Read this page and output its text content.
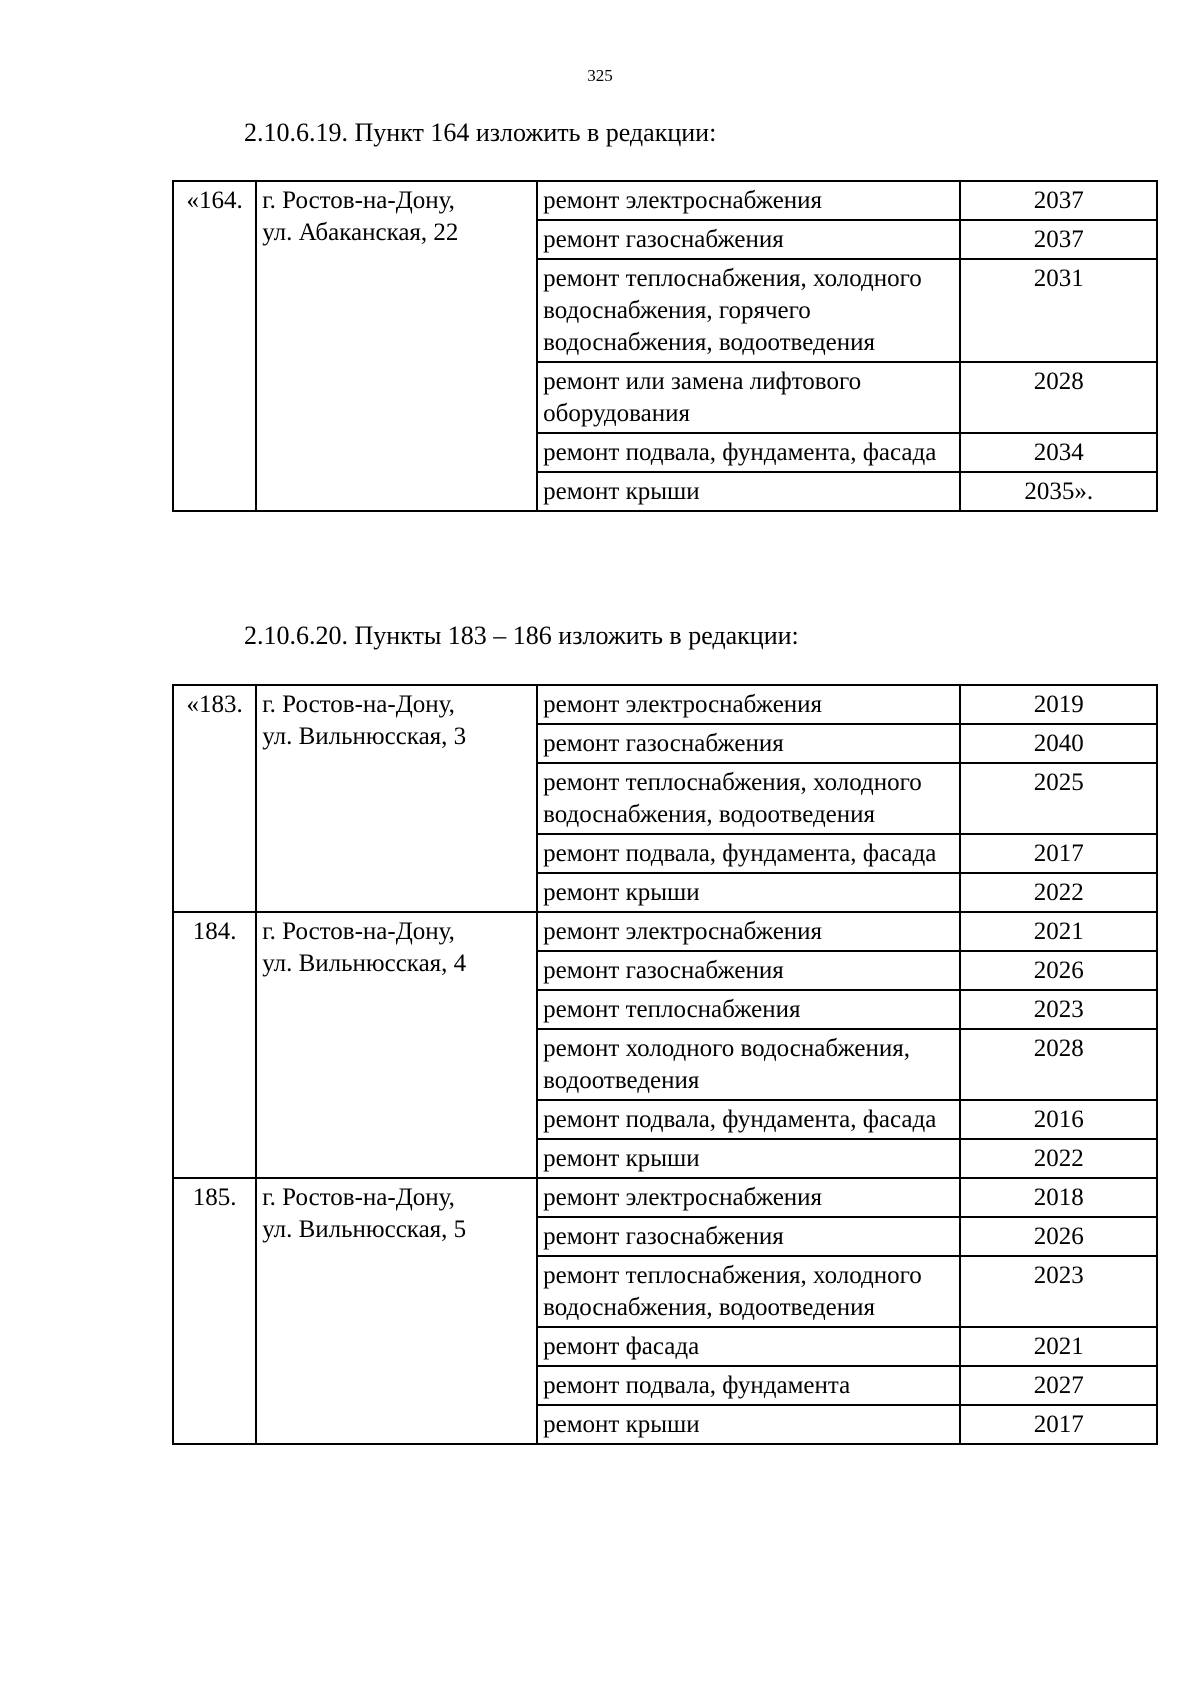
325
2.10.6.19. Пункт 164 изложить в редакции:
«164.	г. Ростов-на-Дону,
ул. Абаканская, 22	ремонт электроснабжения	2037
		ремонт газоснабжения	2037
		ремонт теплоснабжения, холодного водоснабжения, горячего водоснабжения, водоотведения	2031
		ремонт или замена лифтового оборудования	2028
		ремонт подвала, фундамента, фасада	2034
		ремонт крыши	2035».
2.10.6.20. Пункты 183 – 186 изложить в редакции:
«183.	г. Ростов-на-Дону,
ул. Вильнюсская, 3	ремонт электроснабжения	2019
		ремонт газоснабжения	2040
		ремонт теплоснабжения, холодного водоснабжения, водоотведения	2025
		ремонт подвала, фундамента, фасада	2017
		ремонт крыши	2022
184.	г. Ростов-на-Дону,
ул. Вильнюсская, 4	ремонт электроснабжения	2021
		ремонт газоснабжения	2026
		ремонт теплоснабжения	2023
		ремонт холодного водоснабжения, водоотведения	2028
		ремонт подвала, фундамента, фасада	2016
		ремонт крыши	2022
185.	г. Ростов-на-Дону,
ул. Вильнюсская, 5	ремонт электроснабжения	2018
		ремонт газоснабжения	2026
		ремонт теплоснабжения, холодного водоснабжения, водоотведения	2023
		ремонт фасада	2021
		ремонт подвала, фундамента	2027
		ремонт крыши	2017
